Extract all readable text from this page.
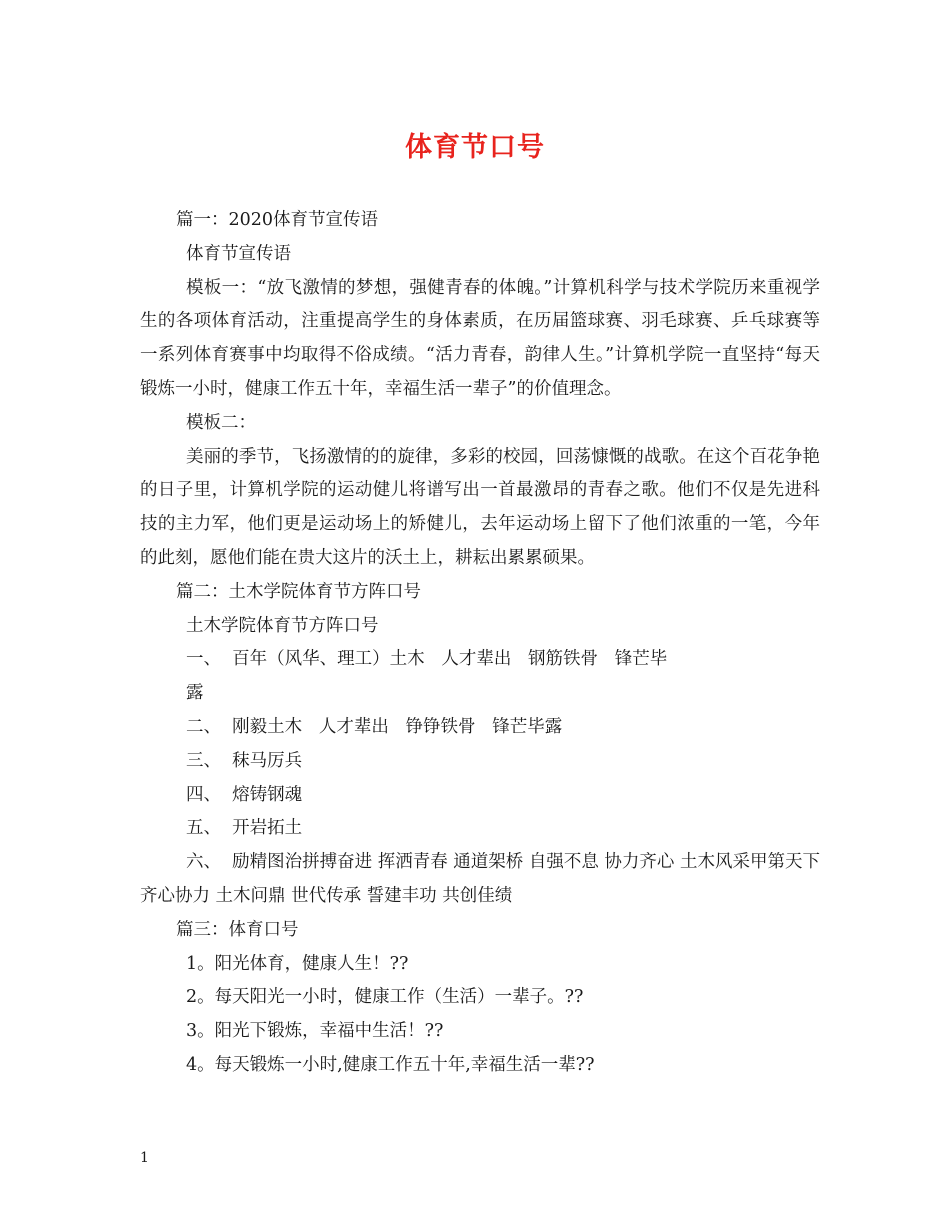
体育节口号

篇一：2020体育节宣传语

体育节宣传语

模板一：“放飞激情的梦想，强健青春的体魄。”计算机科学与技术学院历来重视学生的各项体育活动，注重提高学生的身体素质，在历届篮球赛、羽毛球赛、乒乓球赛等一系列体育赛事中均取得不俗成绩。“活力青春，韵律人生。”计算机学院一直坚持“每天锻炼一小时，健康工作五十年，幸福生活一辈子”的价值理念。

模板二：

美丽的季节，飞扬激情的的旋律，多彩的校园，回荡慷慨的战歌。在这个百花争艳的日子里，计算机学院的运动健儿将谱写出一首最激昂的青春之歌。他们不仅是先进科技的主力军，他们更是运动场上的矫健儿，去年运动场上留下了他们浓重的一笔，今年的此刻，愿他们能在贵大这片的沃土上，耕耘出累累硕果。

篇二：土木学院体育节方阵口号

土木学院体育节方阵口号

一、  百年（风华、理工）土木   人才辈出   钢筋铁骨   锋芒毕

露

二、  刚毅土木   人才辈出   铮铮铁骨   锋芒毕露

三、  秣马厉兵

四、  熔铸钢魂

五、  开岩拓土

六、  励精图治拼搏奋进 挥洒青春 通道架桥 自强不息 协力齐心 土木风采甲第天下 齐心协力 土木问鼎 世代传承 誓建丰功 共创佳绩

篇三：体育口号

1。阳光体育，健康人生！??

2。每天阳光一小时，健康工作（生活）一辈子。??

3。阳光下锻炼，幸福中生活！??

4。每天锻炼一小时,健康工作五十年,幸福生活一辈??

1
